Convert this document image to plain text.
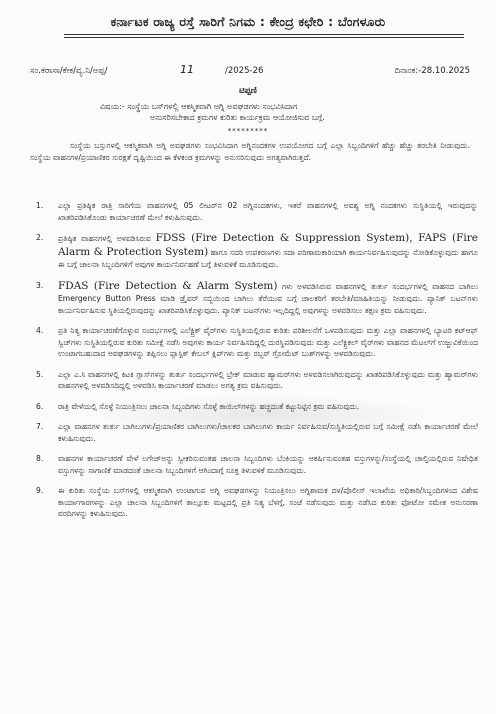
ಕರ್ನಾಟಕ ರಾಜ್ಯ ರಸ್ತೆ ಸಾರಿಗೆ ನಿಗಮ : ಕೇಂದ್ರ ಕಛೇರಿ : ಬೆಂಗಳೂರು
ಸಂ.ಕರಾಸಾ/ಕೇಕ/ವ್ಯ.ನಿ/ಅಪ್ಪ/	11	/2025-26	ದಿನಾಂಕ:-28.10.2025
ಟಿಪ್ಪಣಿ
ವಿಷಯ:- ಸಂಸ್ಥೆಯ ಬಸ್‌ಗಳಲ್ಲಿ ಆಕಸ್ಮಿಕವಾಗಿ ಅಗ್ನಿ ಅವಘಡಗಳು ಸಂಭವಿಸಿದಾಗ
ಅನುಸರಿಸಬೇಕಾದ ಕ್ರಮಗಳ ಕುರಿತು ಕಾರ್ಯಕ್ರಮ ಆಯೋಜಿಸುವ ಬಗ್ಗೆ.
*********
ಸಂಸ್ಥೆಯ ಬಸ್ಸುಗಳಲ್ಲಿ ಆಕಸ್ಮಿಕವಾಗಿ ಅಗ್ನಿ ಅವಘಡಗಳು ಸಂಭವಿಸಿದಾಗ ಅಗ್ನಿನಂದಕಗಳ ಉಪಯೋಗದ ಬಗ್ಗೆ ಎಲ್ಲಾ ಸಿಬ್ಬಂದಿಗಳಿಗೆ ಹೆಚ್ಚು ಹೆಚ್ಚು ತರಬೇತಿ ನೀಡುವುದು. ಸಂಸ್ಥೆಯ ವಾಹನಗಳ/ಪ್ರಯಾಣಿಕರ ಸುರಕ್ಷತೆ ದೃಷ್ಟಿಯಿಂದ ಈ ಕೆಳಕಂಡ ಕ್ರಮಗಳನ್ನು ಅನುಸರಿಸುವುದು ಅಗತ್ಯವಾಗಿರುತ್ತದೆ.
1. ಎಲ್ಲಾ ಪ್ರತಿಷ್ಠಿತ ರಾತ್ರಿ ಸಾರಿಗೆಯ ವಾಹನಗಳಲ್ಲಿ 05 ಲೀಟರ್‌ನ 02 ಅಗ್ನಿನಂದಕಗಳು, ಇತರೆ ವಾಹನಗಳಲ್ಲಿ ಅವಶ್ಯ ಅಗ್ನಿ ನಂದಕಗಳು ಸುಸ್ಥಿತಿಯಲ್ಲಿ ಇರುವುದನ್ನು ಖಾತರಿಪಡಿಸಿಕೊಂಡು ಕಾರ್ಯಾಚರಣೆ ಮೇಲೆ ಕಳುಹಿಸುವುದು.
2. ಪ್ರತಿಷ್ಠಿತ ವಾಹನಗಳಲ್ಲಿ ಅಳವಡಿಸಿರುವ FDSS (Fire Detection & Suppression System), FAPS (Fire Alarm & Protection System) ಹಾಗೂ ಸದರಿ ಉಪಕರಣಗಳು ಸದಾ ಪರಿಣಾಮಕಾರಿಯಾಗಿ ಕಾರ್ಯನಿರ್ವಹಿಸುವುದನ್ನು ನೋಡಿಕೊಳ್ಳುವುದು ಹಾಗೂ ಈ ಬಗ್ಗೆ ಚಾಲನಾ ಸಿಬ್ಬಂದಿಗಳಿಗೆ ಅವುಗಳ ಕಾರ್ಯನಿರ್ವಹಣೆ ಬಗ್ಗೆ ತಿಳುವಳಿಕೆ ಮೂಡಿಸುವುದು.
3. FDAS (Fire Detection & Alarm System) ಗಳು ಅಳವಡಿಸಿರುವ ವಾಹನಗಳಲ್ಲಿ ತುರ್ತು ಸಂದರ್ಭಗಳಲ್ಲಿ ವಾಹನದ ಬಾಗಿಲು Emergency Button Press ಮಾಡಿ ಡ್ರೈವರ್ ಸಬ್ಬಿಯಿಂದ ಬಾಗಿಲು ತೆರೆಯುವ ಬಗ್ಗೆ ಚಾಲಕರಿಗೆ ತರಬೇತಿ/ಮಾಹಿತಿಯನ್ನು ನೀಡುವುದು. ಪ್ಯಾನಿಕ್ ಬಟನ್‌ಗಳು ಕಾರ್ಯನಿರ್ವಹಿಸುವ ಸ್ಥಿತಿಯಲ್ಲಿರುವುದನ್ನು ಖಾತರಿಪಡಿಸಿಕೊಳ್ಳುವುದು. ಪ್ಯಾನಿಕ್ ಬಟನ್‌ಗಳು ಇಲ್ಲದಿದ್ದಲ್ಲಿ ಅವುಗಳನ್ನು ಅಳವಡಿಸಲು ತಕ್ಷಣ ಕ್ರಮ ವಹಿಸುವುದು.
4. ಪ್ರತಿ ನಿತ್ಯ ಕಾರ್ಯಾಚರಣೆಗೊಳ್ಳುವ ಸಂದರ್ಭಗಳಲ್ಲಿ ಎಲೆಕ್ಟ್ರಿಕ್ ವೈರ್‌ಗಳು ಸುಸ್ಥಿತಿಯಲ್ಲಿರುವ ಕುರಿತು ಪರಿಶೀಲನೆಗೆ ಒಳಪಡಿಸುವುದು ಮತ್ತು ಎಲ್ಲಾ ವಾಹನಗಳಲ್ಲಿ ಬ್ಯಾಟರಿ ಕಟ್‌ಆಫ್ ಸ್ವಿಚ್‌ಗಳು ಸುಸ್ಥಿತಿಯಲ್ಲಿರುವ ಕುರಿತು ಸಮೀಕ್ಷೆ ನಡೆಸಿ ಅವುಗಳು ಕಾರ್ಯ ನಿರ್ವಹಿಸದಿದ್ದಲ್ಲಿ ದುರಸ್ಥಿಪಡಿಸುವುದು ಮತ್ತು ಎಲೆಕ್ಟ್ರಿಕಲ್ ವೈರ್‌ಗಳು ವಾಹನದ ಮೆಟಲ್‌ಗೆ ಉಜ್ಜುವಿಕೆಯಿಂದ ಉಂಟಾಗಬಹುದಾದ ಅವಘಡಗಳನ್ನು ತಪ್ಪಿಸಲು ಪ್ಲಾಸ್ಟಿಕ್ ಕೇಬಲ್ ಕ್ಲಿಪ್‌ಗಳು ಮತ್ತು ರಬ್ಬರ್ ಗ್ರೋಮೆಟ್ ಬುಶ್‌ಗಳನ್ನು ಅಳವಡಿಸುವುದು.
5. ಎಲ್ಲಾ ಎ.ಸಿ ವಾಹನಗಳಲ್ಲಿ ಕಿಟಕಿ ಗ್ಲಾಸ್‌ಗಳನ್ನು ತುರ್ತು ಸಂದರ್ಭಗಳಲ್ಲಿ ಬ್ರೇಕ್ ಮಾಡುವ ಹ್ಯಾಮರ್‌ಗಳು ಅಳವಡಿಸಲಾಗಿರುವುದನ್ನು ಖಾತರಿಪಡಿಸಿಕೊಳ್ಳುವುದು ಮತ್ತು ಹ್ಯಾಮರ್‌ಗಳು ವಾಹನಗಳಲ್ಲಿ ಅಳವಡಿಸದಿದ್ದಲ್ಲಿ ಅಳವಡಿಸಿ ಕಾರ್ಯಾಚರಣೆ ಮಾಡಲು ಅಗತ್ಯ ಕ್ರಮ ವಹಿಸುವುದು.
6. ರಾತ್ರಿ ವೇಳೆಯಲ್ಲಿ ಸೊಳ್ಳೆ ನಿಯಂತ್ರಿಸಲು ಚಾಲನಾ ಸಿಬ್ಬಂದಿಗಳು ಸೊಳ್ಳೆ ಕಾಯಿಲ್‌ಗಳನ್ನು ಹಚ್ಚದಂತೆ ಕಟ್ಟುನಿಟ್ಟಿನ ಕ್ರಮ ವಹಿಸುವುದು.
7. ಎಲ್ಲಾ ವಾಹನಗಳ ತುರ್ತು ಬಾಗಿಲುಗಳು/ಪ್ರಯಾಣಿಕರ ಬಾಗಿಲುಗಳು/ಚಾಲಕರ ಬಾಗಿಲುಗಳು ಕಾರ್ಯ ನಿರ್ವಹಿಸುವ/ಸುಸ್ಥಿತಿಯಲ್ಲಿರುವ ಬಗ್ಗೆ ಸಮೀಕ್ಷೆ ನಡೆಸಿ ಕಾರ್ಯಾಚರಣೆ ಮೇಲೆ ಕಳುಹಿಸುವುದು.
8. ವಾಹನಗಳ ಕಾರ್ಯಾಚರಣೆ ವೇಳೆ ಲಗೇಜ್‌ಅನ್ನು ಸ್ವೀಕರಿಸುವಂತಹ ಚಾಲನಾ ಸಿಬ್ಬಂದಿಗಳು ಬೆಂಕಿಯನ್ನು ಆಕರ್ಷಿಸುವಂತಹ ವಸ್ತುಗಳನ್ನು/ಸಂಸ್ಥೆಯಲ್ಲಿ ಚಾಲ್ತಿಯಲ್ಲಿರುವ ನಿಷೇಧಿತ ವಸ್ತುಗಳನ್ನು ಸಾಗಾಣಿಕೆ ಮಾಡದಂತೆ ಚಾಲನಾ ಸಿಬ್ಬಂದಿಗಳಿಗೆ ಆಗಿಂದಾಗ್ಗೆ ಸೂಕ್ತ ತಿಳುವಳಿಕೆ ಮೂಡಿಸುವುದು.
9. ಈ ಕುರಿತು ಸಂಸ್ಥೆಯ ಬಸ್‌ಗಳಲ್ಲಿ ಆಕಸ್ಮಿಕವಾಗಿ ಉಂಟಾಗುವ ಅಗ್ನಿ ಅವಘಡಗಳನ್ನು ನಿಯಂತ್ರಿಸಲು ಅಗ್ನಿಶಾಮಕ ದಳ/ಪೊಲೀಸ್ ಇಲಾಖೆಯ ಅಧಿಕಾರಿ/ಸಿಬ್ಬಂದಿಗಳಿಂದ ವಿಶೇಷ ಕಾರ್ಯಾಗಾರಗಳನ್ನು ಎಲ್ಲಾ ಚಾಲನಾ ಸಿಬ್ಬಂದಿಗಳಿಗೆ ತಾಲ್ಲೂಕು ಮಟ್ಟದಲ್ಲಿ ಪ್ರತಿ ನಿತ್ಯ ಬೆಳಗ್ಗೆ, ಸಂಜೆ ನಡೆಸುವುದು ಮತ್ತು ನಡೆಸಿದ ಕುರಿತು ಫೋಟೋ ಸಮೇತ ಅನುಸರಣಾ ವರದಿಗಳನ್ನು ಕಳುಹಿಸುವುದು.
